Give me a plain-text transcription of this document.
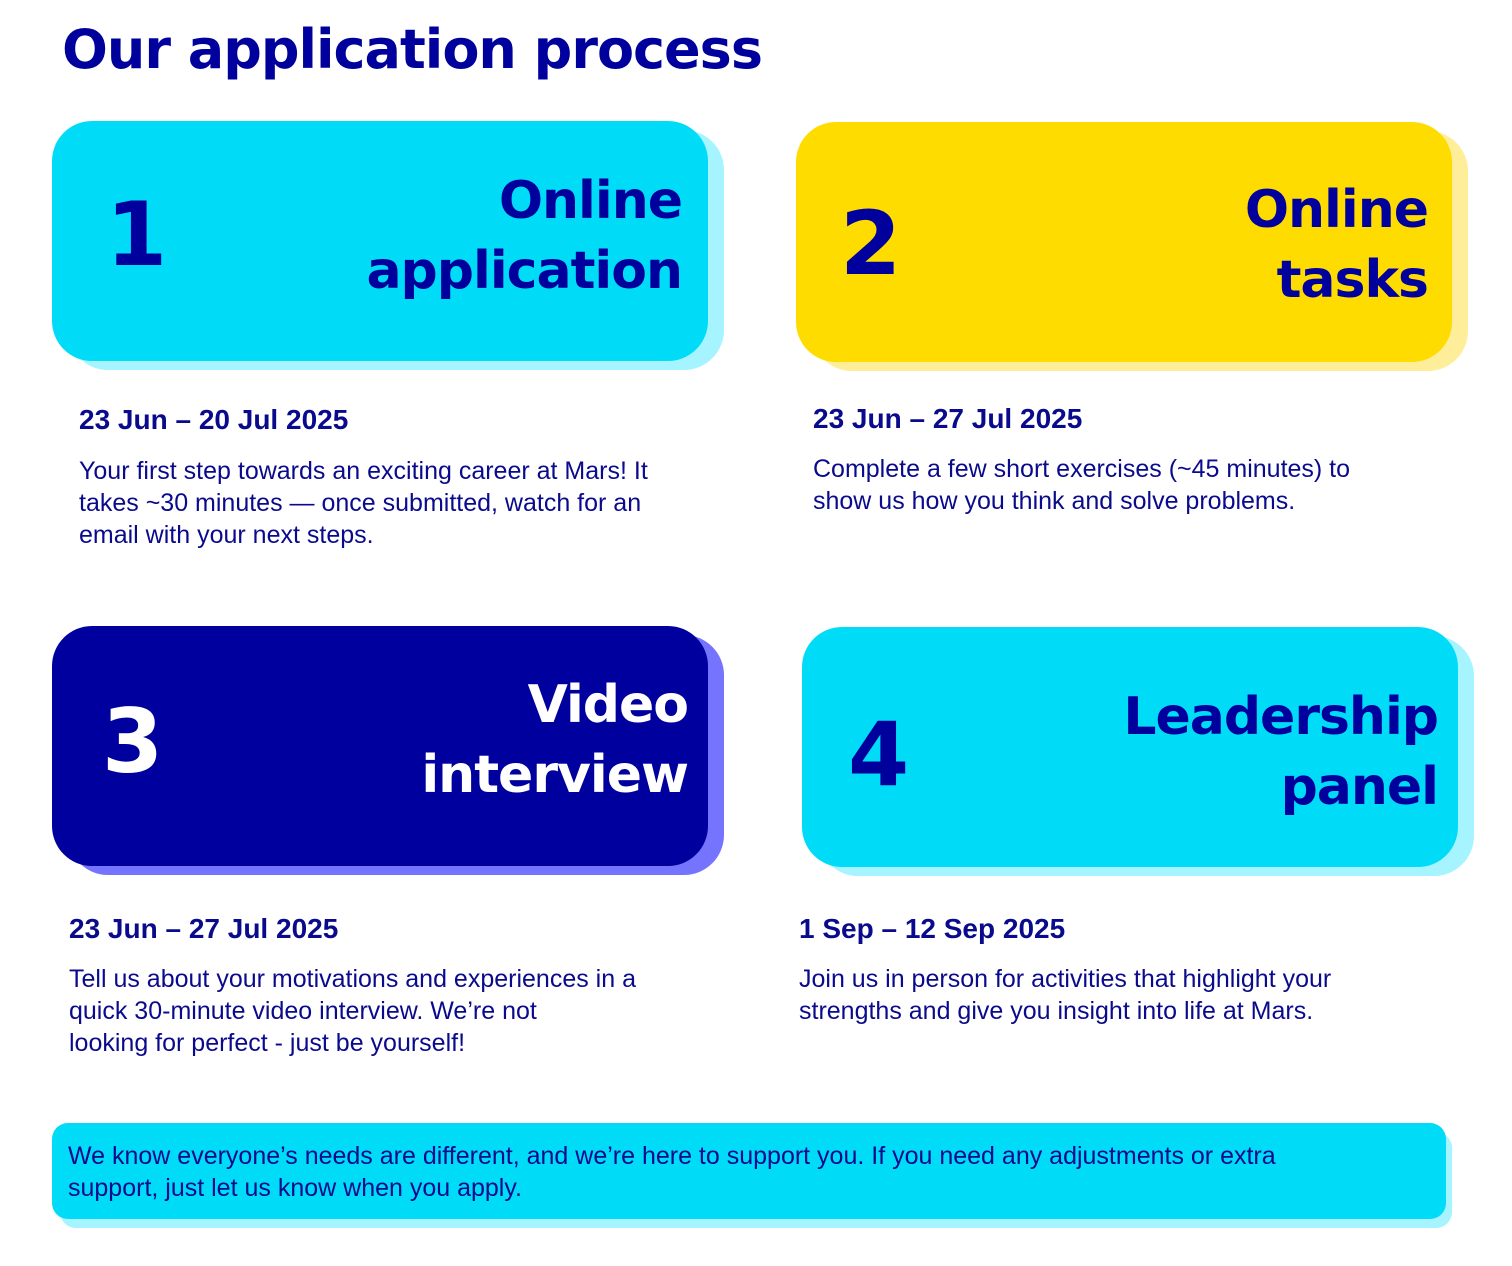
Our application process
1	Online
application

23 Jun – 20 Jul 2025

Your first step towards an exciting career at Mars! It
takes ~30 minutes — once submitted, watch for an
email with your next steps.

2	Online
tasks

23 Jun – 27 Jul 2025

Complete a few short exercises (~45 minutes) to
show us how you think and solve problems.

3	Video
interview

23 Jun – 27 Jul 2025

Tell us about your motivations and experiences in a
quick 30-minute video interview. We’re not
looking for perfect - just be yourself!

4	Leadership
panel

1 Sep – 12 Sep 2025

Join us in person for activities that highlight your
strengths and give you insight into life at Mars.

We know everyone’s needs are different, and we’re here to support you. If you need any adjustments or extra
support, just let us know when you apply.
